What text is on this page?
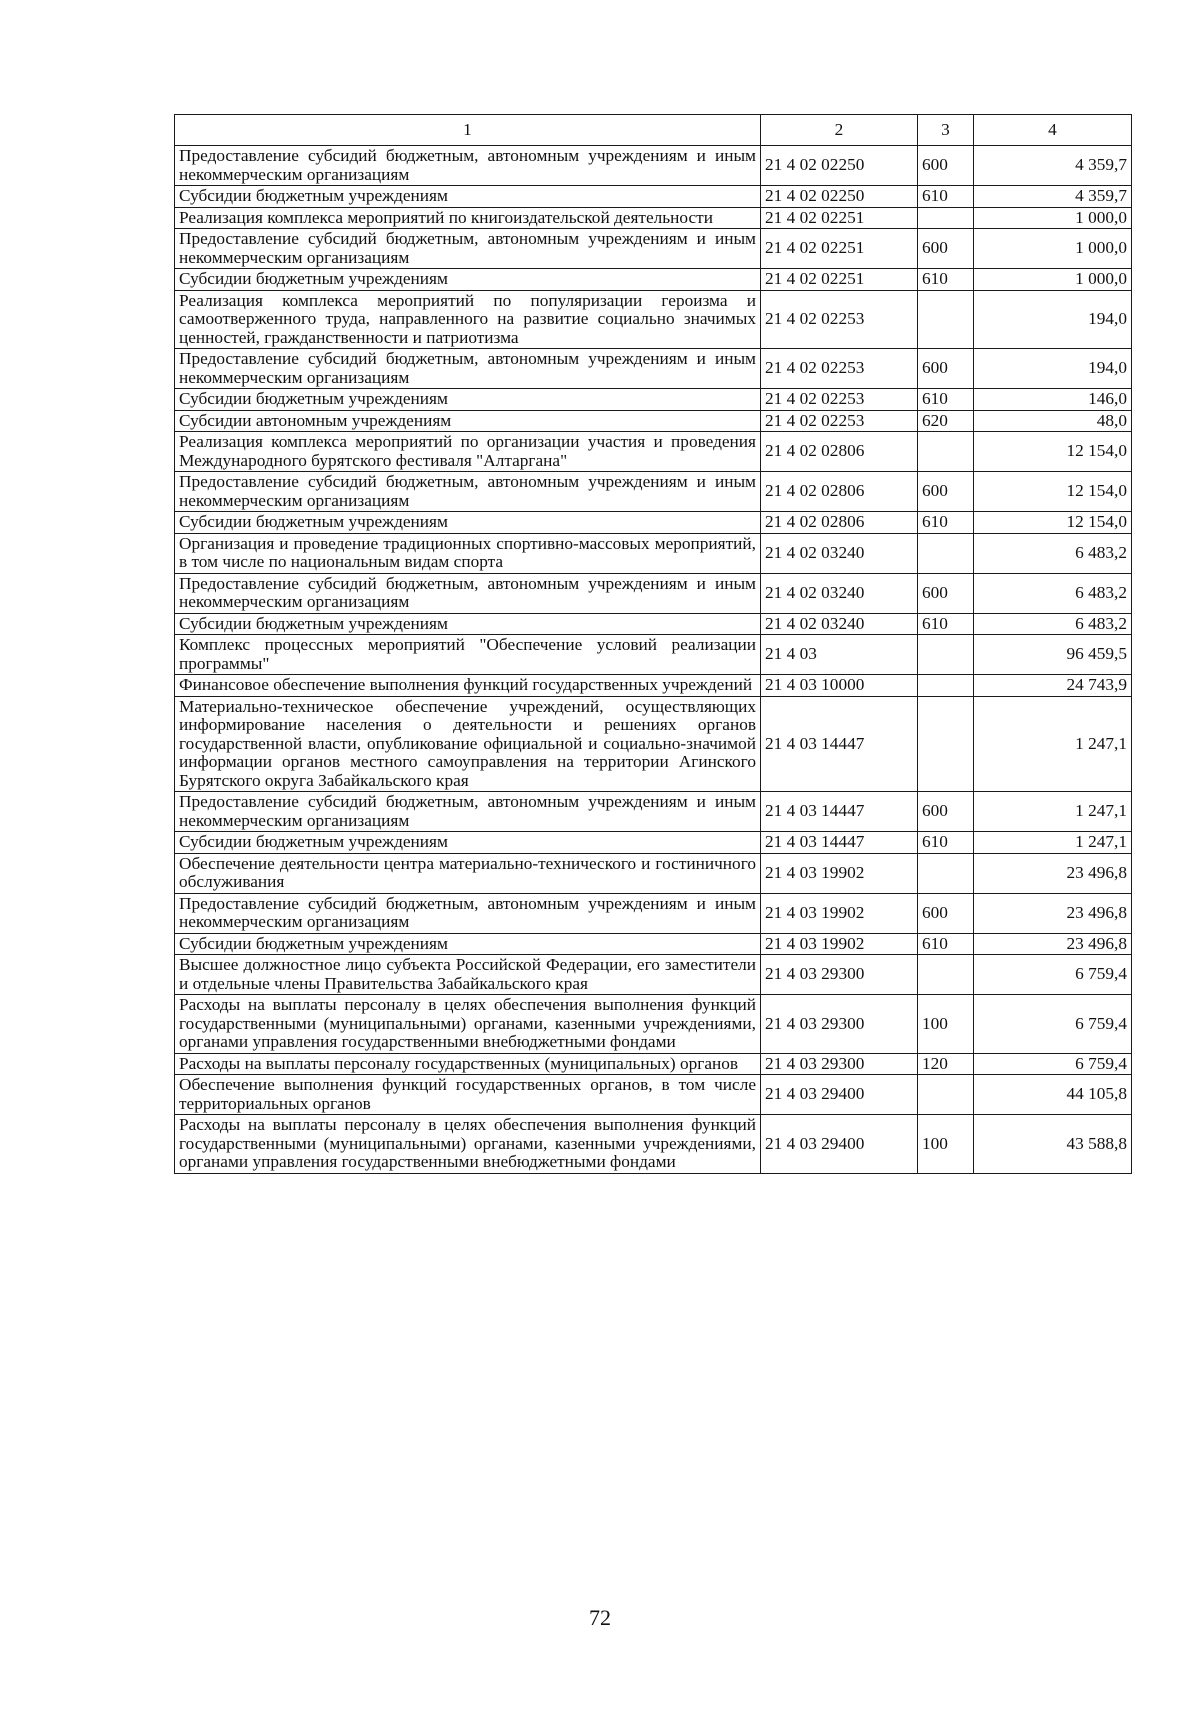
1	2	3	4
Предоставление субсидий бюджетным, автономным учреждениям и иным некоммерческим организациям	21 4 02 02250	600	4 359,7
Субсидии бюджетным учреждениям	21 4 02 02250	610	4 359,7
Реализация комплекса мероприятий по книгоиздательской деятельности	21 4 02 02251		1 000,0
Предоставление субсидий бюджетным, автономным учреждениям и иным некоммерческим организациям	21 4 02 02251	600	1 000,0
Субсидии бюджетным учреждениям	21 4 02 02251	610	1 000,0
Реализация комплекса мероприятий по популяризации героизма и самоотверженного труда, направленного на развитие социально значимых ценностей, гражданственности и патриотизма	21 4 02 02253		194,0
Предоставление субсидий бюджетным, автономным учреждениям и иным некоммерческим организациям	21 4 02 02253	600	194,0
Субсидии бюджетным учреждениям	21 4 02 02253	610	146,0
Субсидии автономным учреждениям	21 4 02 02253	620	48,0
Реализация комплекса мероприятий по организации участия и проведения Международного бурятского фестиваля "Алтаргана"	21 4 02 02806		12 154,0
Предоставление субсидий бюджетным, автономным учреждениям и иным некоммерческим организациям	21 4 02 02806	600	12 154,0
Субсидии бюджетным учреждениям	21 4 02 02806	610	12 154,0
Организация и проведение традиционных спортивно-массовых мероприятий, в том числе по национальным видам спорта	21 4 02 03240		6 483,2
Предоставление субсидий бюджетным, автономным учреждениям и иным некоммерческим организациям	21 4 02 03240	600	6 483,2
Субсидии бюджетным учреждениям	21 4 02 03240	610	6 483,2
Комплекс процессных мероприятий "Обеспечение условий реализации программы"	21 4 03		96 459,5
Финансовое обеспечение выполнения функций государственных учреждений	21 4 03 10000		24 743,9
Материально-техническое обеспечение учреждений, осуществляющих информирование населения о деятельности и решениях органов государственной власти, опубликование официальной и социально-значимой информации органов местного самоуправления на территории Агинского Бурятского округа Забайкальского края	21 4 03 14447		1 247,1
Предоставление субсидий бюджетным, автономным учреждениям и иным некоммерческим организациям	21 4 03 14447	600	1 247,1
Субсидии бюджетным учреждениям	21 4 03 14447	610	1 247,1
Обеспечение деятельности центра материально-технического и гостиничного обслуживания	21 4 03 19902		23 496,8
Предоставление субсидий бюджетным, автономным учреждениям и иным некоммерческим организациям	21 4 03 19902	600	23 496,8
Субсидии бюджетным учреждениям	21 4 03 19902	610	23 496,8
Высшее должностное лицо субъекта Российской Федерации, его заместители и отдельные члены Правительства Забайкальского края	21 4 03 29300		6 759,4
Расходы на выплаты персоналу в целях обеспечения выполнения функций государственными (муниципальными) органами, казенными учреждениями, органами управления государственными внебюджетными фондами	21 4 03 29300	100	6 759,4
Расходы на выплаты персоналу государственных (муниципальных) органов	21 4 03 29300	120	6 759,4
Обеспечение выполнения функций государственных органов, в том числе территориальных органов	21 4 03 29400		44 105,8
Расходы на выплаты персоналу в целях обеспечения выполнения функций государственными (муниципальными) органами, казенными учреждениями, органами управления государственными внебюджетными фондами	21 4 03 29400	100	43 588,8
72
